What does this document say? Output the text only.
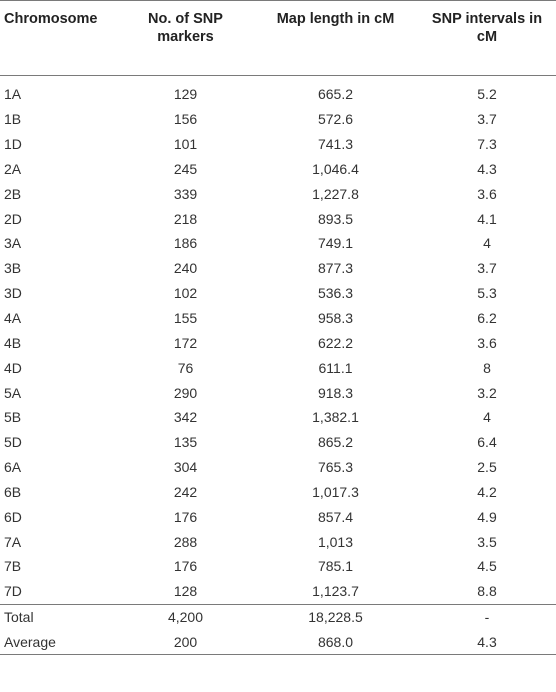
Chromosome	No. of SNP markers	Map length in cM	SNP intervals in cM
1A	129	665.2	5.2
1B	156	572.6	3.7
1D	101	741.3	7.3
2A	245	1,046.4	4.3
2B	339	1,227.8	3.6
2D	218	893.5	4.1
3A	186	749.1	4
3B	240	877.3	3.7
3D	102	536.3	5.3
4A	155	958.3	6.2
4B	172	622.2	3.6
4D	76	611.1	8
5A	290	918.3	3.2
5B	342	1,382.1	4
5D	135	865.2	6.4
6A	304	765.3	2.5
6B	242	1,017.3	4.2
6D	176	857.4	4.9
7A	288	1,013	3.5
7B	176	785.1	4.5
7D	128	1,123.7	8.8
Total	4,200	18,228.5	-
Average	200	868.0	4.3
